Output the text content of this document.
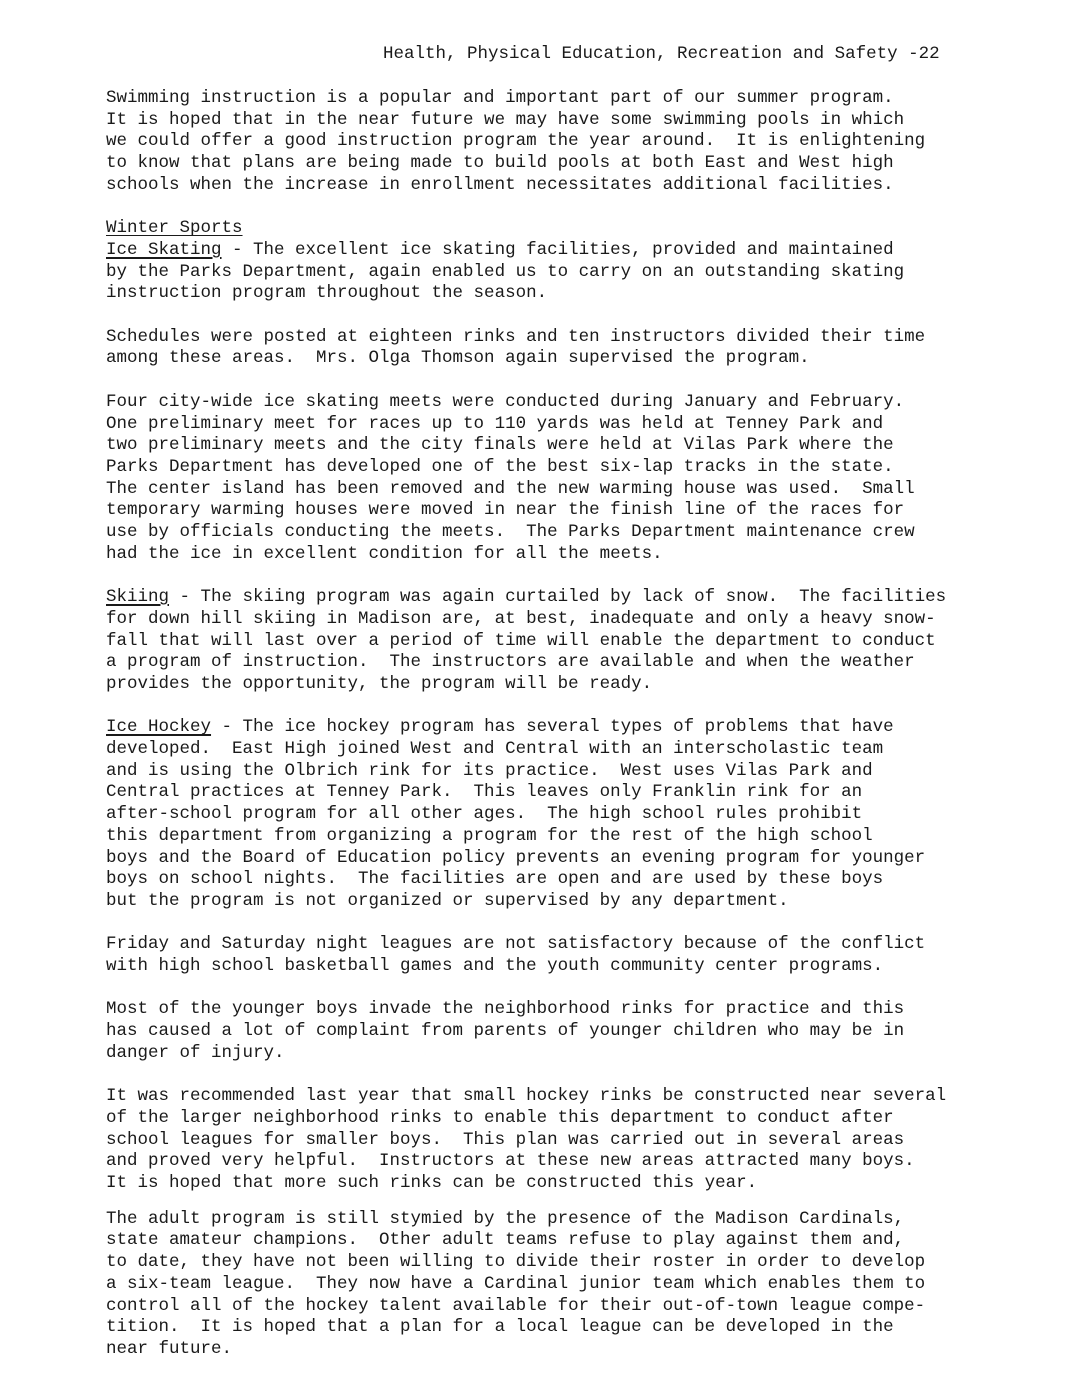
Health, Physical Education, Recreation and Safety -22

Swimming instruction is a popular and important part of our summer program.

It is hoped that in the near future we may have some swimming pools in which

we could offer a good instruction program the year around.  It is enlightening

to know that plans are being made to build pools at both East and West high

schools when the increase in enrollment necessitates additional facilities.

Winter Sports

Ice Skating - The excellent ice skating facilities, provided and maintained

by the Parks Department, again enabled us to carry on an outstanding skating

instruction program throughout the season.

Schedules were posted at eighteen rinks and ten instructors divided their time

among these areas.  Mrs. Olga Thomson again supervised the program.

Four city-wide ice skating meets were conducted during January and February.

One preliminary meet for races up to 110 yards was held at Tenney Park and

two preliminary meets and the city finals were held at Vilas Park where the

Parks Department has developed one of the best six-lap tracks in the state.

The center island has been removed and the new warming house was used.  Small

temporary warming houses were moved in near the finish line of the races for

use by officials conducting the meets.  The Parks Department maintenance crew

had the ice in excellent condition for all the meets.

Skiing - The skiing program was again curtailed by lack of snow.  The facilities

for down hill skiing in Madison are, at best, inadequate and only a heavy snow-

fall that will last over a period of time will enable the department to conduct

a program of instruction.  The instructors are available and when the weather

provides the opportunity, the program will be ready.

Ice Hockey - The ice hockey program has several types of problems that have

developed.  East High joined West and Central with an interscholastic team

and is using the Olbrich rink for its practice.  West uses Vilas Park and

Central practices at Tenney Park.  This leaves only Franklin rink for an

after-school program for all other ages.  The high school rules prohibit

this department from organizing a program for the rest of the high school

boys and the Board of Education policy prevents an evening program for younger

boys on school nights.  The facilities are open and are used by these boys

but the program is not organized or supervised by any department.

Friday and Saturday night leagues are not satisfactory because of the conflict

with high school basketball games and the youth community center programs.

Most of the younger boys invade the neighborhood rinks for practice and this

has caused a lot of complaint from parents of younger children who may be in

danger of injury.

It was recommended last year that small hockey rinks be constructed near several

of the larger neighborhood rinks to enable this department to conduct after

school leagues for smaller boys.  This plan was carried out in several areas

and proved very helpful.  Instructors at these new areas attracted many boys.

It is hoped that more such rinks can be constructed this year.

The adult program is still stymied by the presence of the Madison Cardinals,

state amateur champions.  Other adult teams refuse to play against them and,

to date, they have not been willing to divide their roster in order to develop

a six-team league.  They now have a Cardinal junior team which enables them to

control all of the hockey talent available for their out-of-town league compe-

tition.  It is hoped that a plan for a local league can be developed in the

near future.
